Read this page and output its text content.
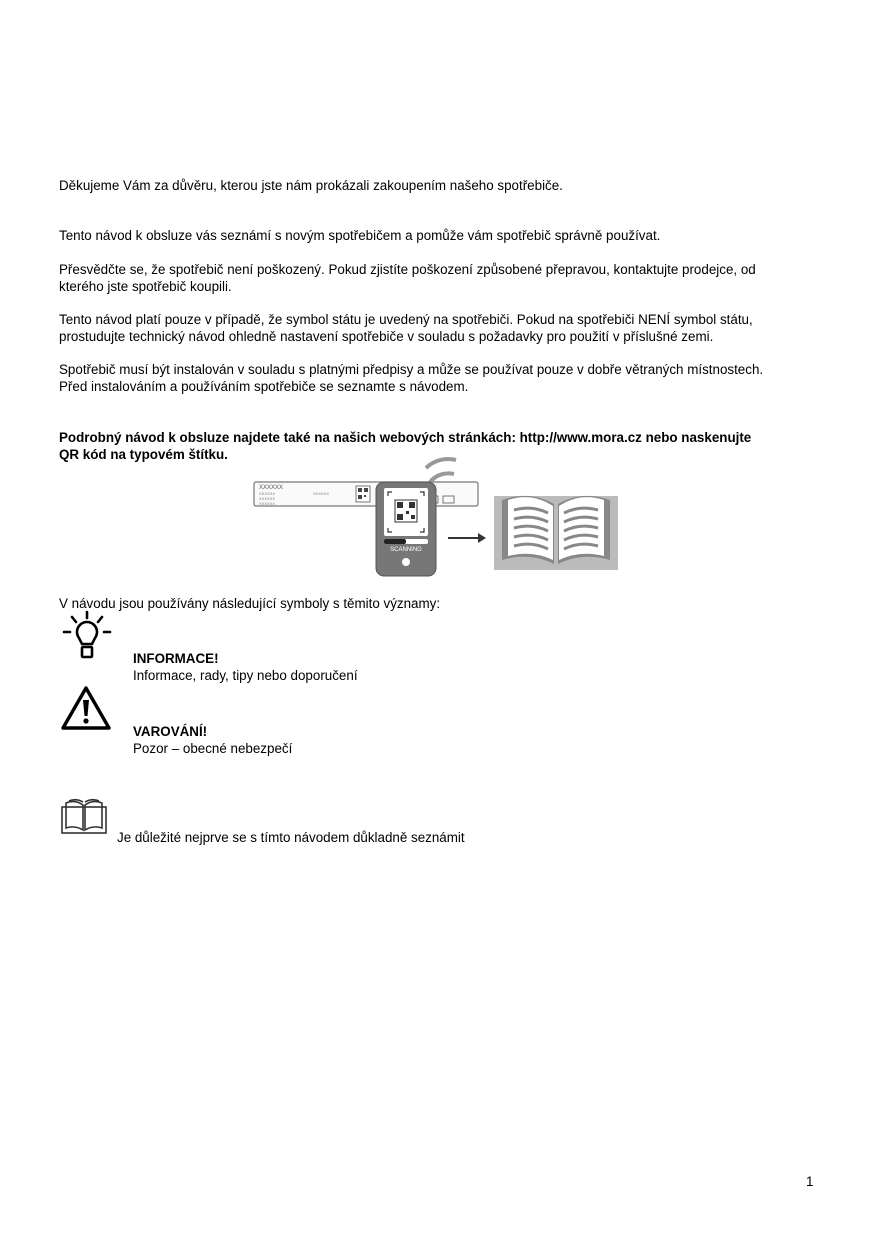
Děkujeme Vám za důvěru, kterou jste nám prokázali zakoupením našeho spotřebiče.
Tento návod k obsluze vás seznámí s novým spotřebičem a pomůže vám spotřebič správně používat.
Přesvědčte se, že spotřebič není poškozený. Pokud zjistíte poškození způsobené přepravou, kontaktujte prodejce, od
kterého jste spotřebič koupili.
Tento návod platí pouze v případě, že symbol státu je uvedený na spotřebiči. Pokud na spotřebiči NENÍ symbol státu,
prostudujte technický návod ohledně nastavení spotřebiče v souladu s požadavky pro použití v příslušné zemi.
Spotřebič musí být instalován v souladu s platnými předpisy a může se používat pouze v dobře větraných místnostech.
Před instalováním a používáním spotřebiče se seznamte s návodem.
Podrobný návod k obsluze najdete také na našich webových stránkách: http://www.mora.cz nebo naskenujte
QR kód na typovém štítku.
XXXXXX
XXXXXX	XXXXXX
XXXXXX
XXXXXX
SCANNING
V návodu jsou používány následující symboly s těmito významy:
INFORMACE!
Informace, rady, tipy nebo doporučení
VAROVÁNÍ!
Pozor – obecné nebezpečí
Je důležité nejprve se s tímto návodem důkladně seznámit
1
